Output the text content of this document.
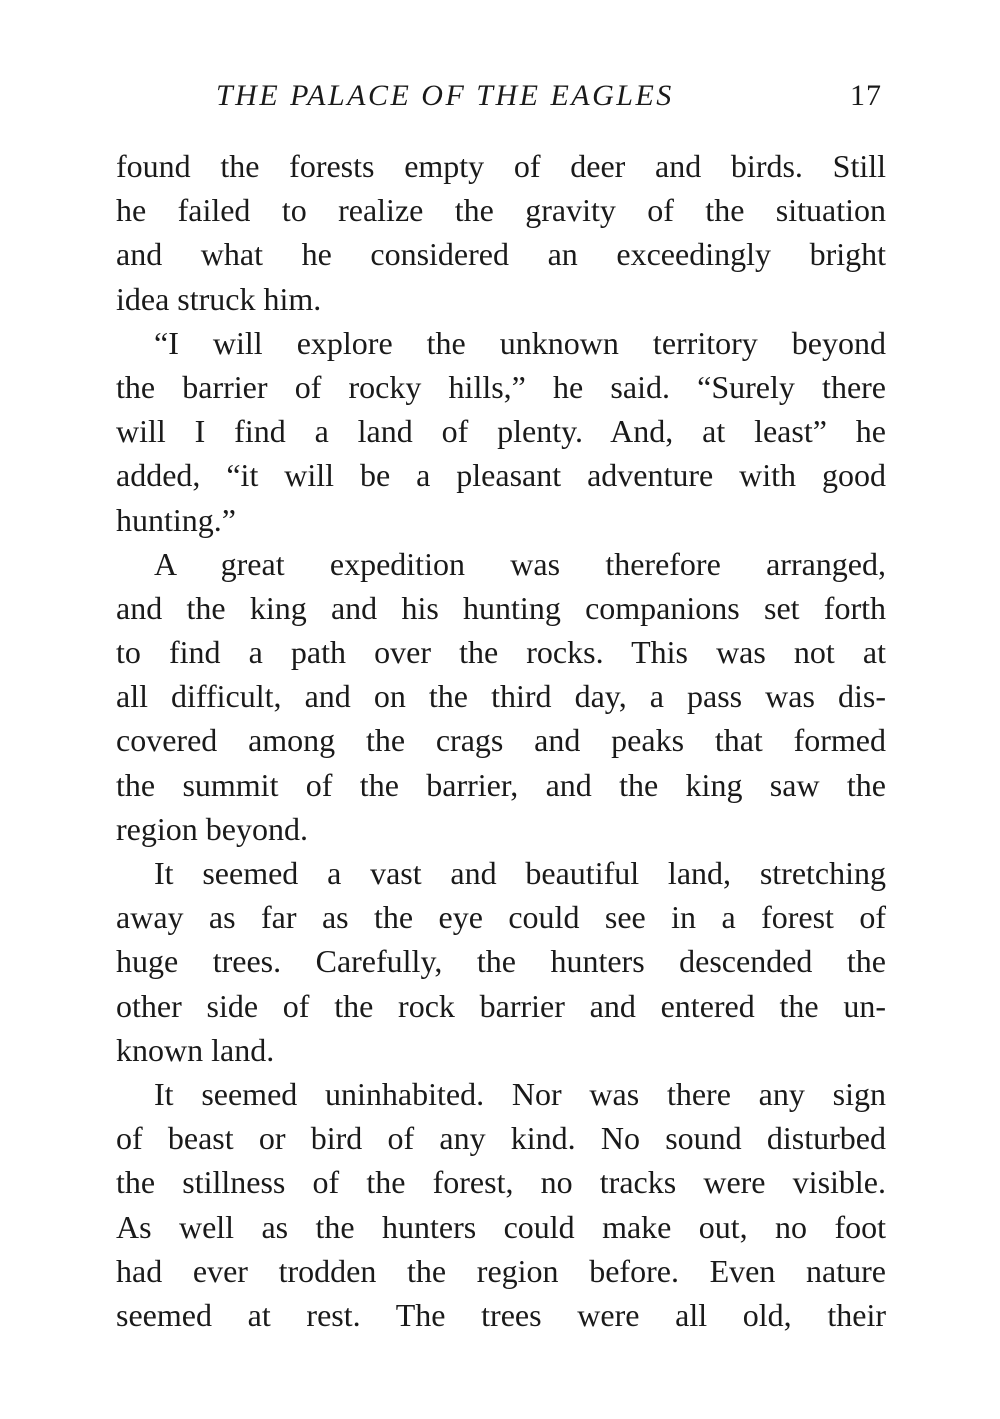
THE PALACE OF THE EAGLES	17
found the forests empty of deer and birds. Still
he failed to realize the gravity of the situation
and what he considered an exceedingly bright
idea struck him.
“I will explore the unknown territory beyond
the barrier of rocky hills,” he said. “Surely there
will I find a land of plenty. And, at least” he
added, “it will be a pleasant adventure with good
hunting.”
A great expedition was therefore arranged,
and the king and his hunting companions set forth
to find a path over the rocks. This was not at
all difficult, and on the third day, a pass was dis-
covered among the crags and peaks that formed
the summit of the barrier, and the king saw the
region beyond.
It seemed a vast and beautiful land, stretching
away as far as the eye could see in a forest of
huge trees. Carefully, the hunters descended the
other side of the rock barrier and entered the un-
known land.
It seemed uninhabited. Nor was there any sign
of beast or bird of any kind. No sound disturbed
the stillness of the forest, no tracks were visible.
As well as the hunters could make out, no foot
had ever trodden the region before. Even nature
seemed at rest. The trees were all old, their
